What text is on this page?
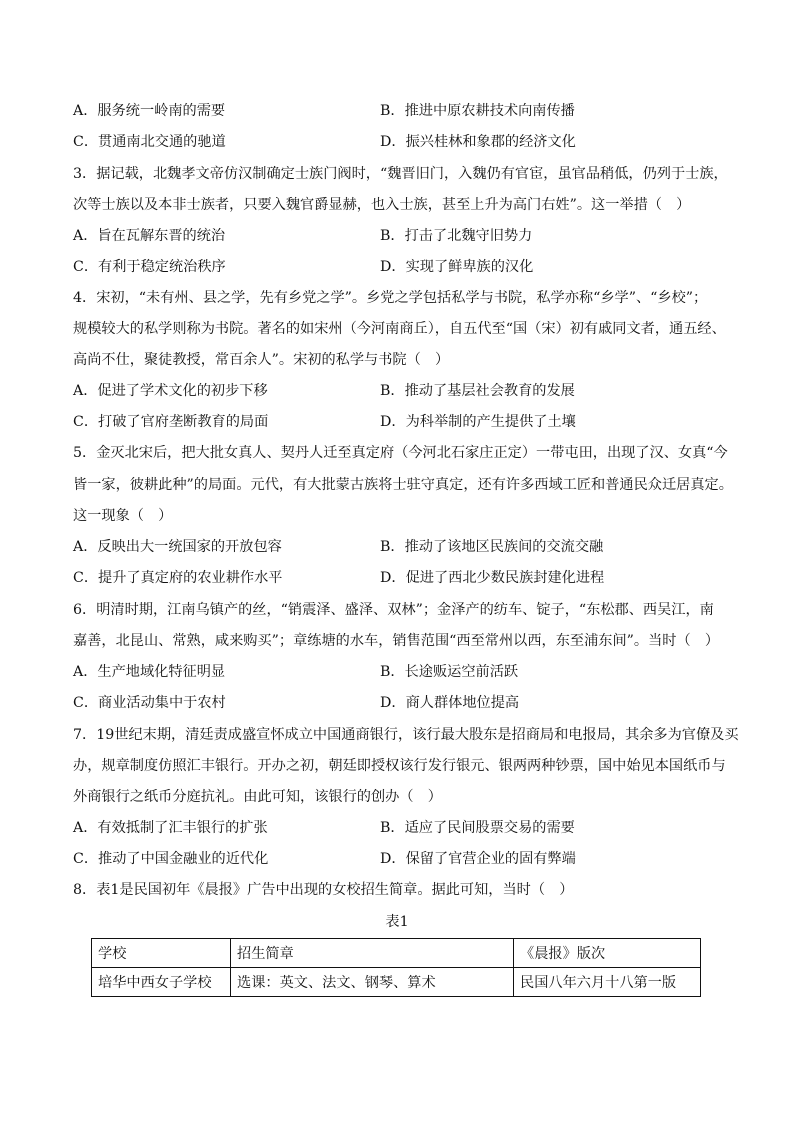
A．服务统一岭南的需要	B．推进中原农耕技术向南传播
C．贯通南北交通的驰道	D．振兴桂林和象郡的经济文化
3．据记载，北魏孝文帝仿汉制确定士族门阀时，“魏晋旧门，入魏仍有官宦，虽官品稍低，仍列于士族，
次等士族以及本非士族者，只要入魏官爵显赫，也入士族，甚至上升为高门右姓”。这一举措（　）
A．旨在瓦解东晋的统治	B．打击了北魏守旧势力
C．有利于稳定统治秩序	D．实现了鲜卑族的汉化
4．宋初，“未有州、县之学，先有乡党之学”。乡党之学包括私学与书院，私学亦称“乡学”、“乡校”；
规模较大的私学则称为书院。著名的如宋州（今河南商丘），自五代至“国（宋）初有戚同文者，通五经、
高尚不仕，聚徒教授，常百余人”。宋初的私学与书院（　）
A．促进了学术文化的初步下移	B．推动了基层社会教育的发展
C．打破了官府垄断教育的局面	D．为科举制的产生提供了土壤
5．金灭北宋后，把大批女真人、契丹人迁至真定府（今河北石家庄正定）一带屯田，出现了汉、女真“今
皆一家，彼耕此种”的局面。元代，有大批蒙古族将士驻守真定，还有许多西域工匠和普通民众迁居真定。
这一现象（　）
A．反映出大一统国家的开放包容	B．推动了该地区民族间的交流交融
C．提升了真定府的农业耕作水平	D．促进了西北少数民族封建化进程
6．明清时期，江南乌镇产的丝，“销震泽、盛泽、双林”；金泽产的纺车、锭子，“东松郡、西吴江，南
嘉善，北昆山、常熟，咸来购买”；章练塘的水车，销售范围“西至常州以西，东至浦东间”。当时（　）
A．生产地域化特征明显	B．长途贩运空前活跃
C．商业活动集中于农村	D．商人群体地位提高
7．19世纪末期，清廷责成盛宣怀成立中国通商银行，该行最大股东是招商局和电报局，其余多为官僚及买
办，规章制度仿照汇丰银行。开办之初，朝廷即授权该行发行银元、银两两种钞票，国中始见本国纸币与
外商银行之纸币分庭抗礼。由此可知，该银行的创办（　）
A．有效抵制了汇丰银行的扩张	B．适应了民间股票交易的需要
C．推动了中国金融业的近代化	D．保留了官营企业的固有弊端
8．表1是民国初年《晨报》广告中出现的女校招生简章。据此可知，当时（　）
表1
学校	招生简章	《晨报》版次
培华中西女子学校	选课：英文、法文、钢琴、算术	民国八年六月十八第一版
